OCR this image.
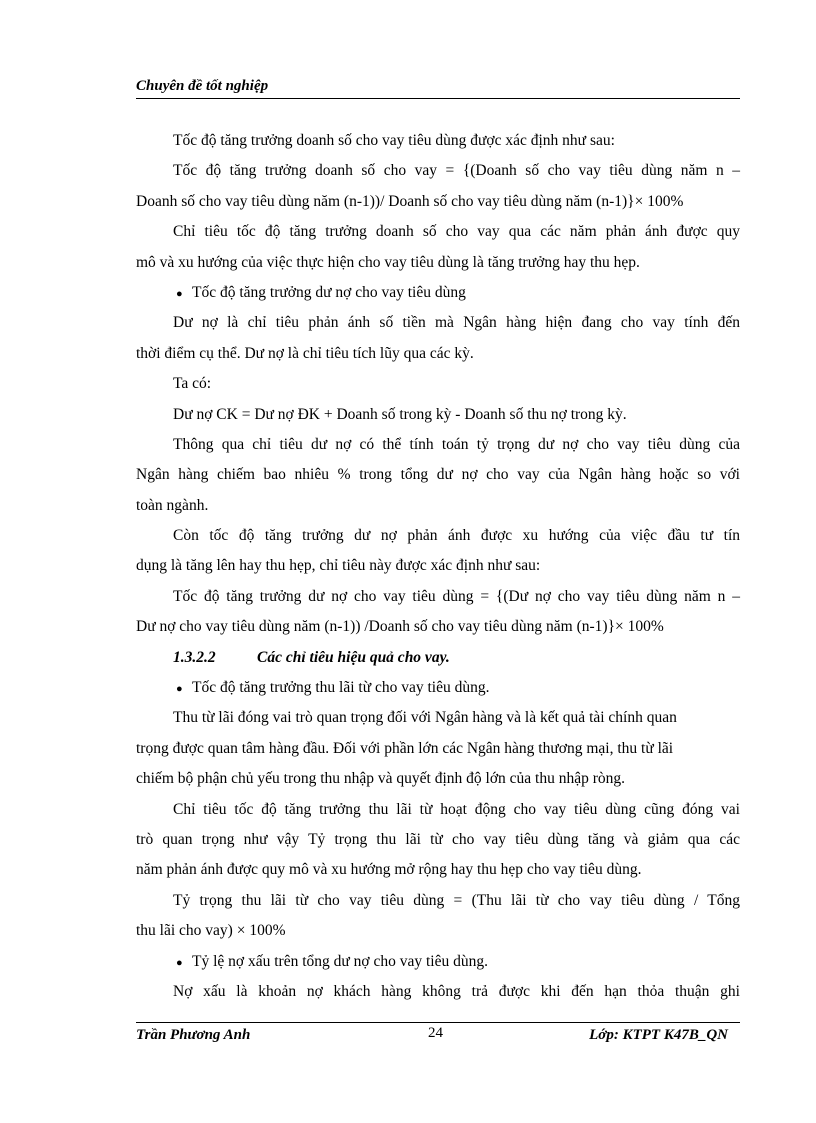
Chuyên đề tốt nghiệp
Tốc độ tăng trưởng doanh số cho vay tiêu dùng được xác định như sau:
Tốc độ tăng trưởng doanh số cho vay = {(Doanh số cho vay tiêu dùng năm n –
Doanh số cho vay tiêu dùng năm (n-1))/ Doanh số cho vay tiêu dùng năm (n-1)}× 100%
Chỉ tiêu tốc độ tăng trưởng doanh số cho vay qua các năm phản ánh được quy
mô và xu hướng của việc thực hiện cho vay tiêu dùng là tăng trưởng hay thu hẹp.
● Tốc độ tăng trưởng dư nợ cho vay tiêu dùng
Dư nợ là chỉ tiêu phản ánh số tiền mà Ngân hàng hiện đang cho vay tính đến
thời điểm cụ thể. Dư nợ là chỉ tiêu tích lũy qua các kỳ.
Ta có:
Dư nợ CK = Dư nợ ĐK + Doanh số trong kỳ - Doanh số thu nợ trong kỳ.
Thông qua chỉ tiêu dư nợ có thể tính toán tỷ trọng dư nợ cho vay tiêu dùng của
Ngân hàng chiếm bao nhiêu % trong tổng dư nợ cho vay của Ngân hàng hoặc so với
toàn ngành.
Còn tốc độ tăng trưởng dư nợ phản ánh được xu hướng của việc đầu tư tín
dụng là tăng lên hay thu hẹp, chỉ tiêu này được xác định như sau:
Tốc độ tăng trưởng dư nợ cho vay tiêu dùng = {(Dư nợ cho vay tiêu dùng năm n –
Dư nợ cho vay tiêu dùng năm (n-1)) /Doanh số cho vay tiêu dùng năm (n-1)}× 100%
1.3.2.2	Các chỉ tiêu hiệu quả cho vay.
● Tốc độ tăng trưởng thu lãi từ cho vay tiêu dùng.
Thu từ lãi đóng vai trò quan trọng đối với Ngân hàng và là kết quả tài chính quan
trọng được quan tâm hàng đầu. Đối với phần lớn các Ngân hàng thương mại, thu từ lãi
chiếm bộ phận chủ yếu trong thu nhập và quyết định độ lớn của thu nhập ròng.
Chỉ tiêu tốc độ tăng trưởng thu lãi từ hoạt động cho vay tiêu dùng cũng đóng vai
trò quan trọng như vậy Tỷ trọng thu lãi từ cho vay tiêu dùng tăng và giảm qua các
năm phản ánh được quy mô và xu hướng mở rộng hay thu hẹp cho vay tiêu dùng.
Tỷ trọng thu lãi từ cho vay tiêu dùng = (Thu lãi từ cho vay tiêu dùng / Tổng
thu lãi cho vay) × 100%
● Tỷ lệ nợ xấu trên tổng dư nợ cho vay tiêu dùng.
Nợ xấu là khoản nợ khách hàng không trả được khi đến hạn thỏa thuận ghi
Trần Phương Anh	24	Lớp: KTPT K47B_QN
